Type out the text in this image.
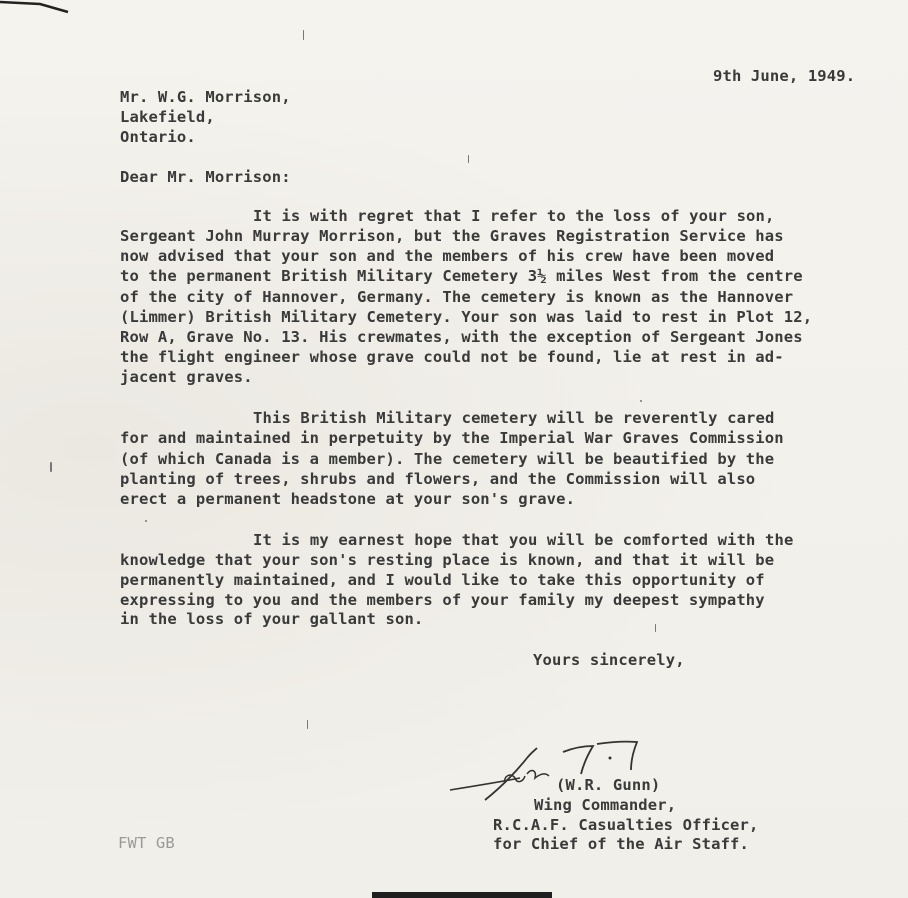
9th June, 1949.
Mr. W.G. Morrison,
Lakefield,
Ontario.
Dear Mr. Morrison:
It is with regret that I refer to the loss of your son,
Sergeant John Murray Morrison, but the Graves Registration Service has
now advised that your son and the members of his crew have been moved
to the permanent British Military Cemetery 3½ miles West from the centre
of the city of Hannover, Germany. The cemetery is known as the Hannover
(Limmer) British Military Cemetery. Your son was laid to rest in Plot 12,
Row A, Grave No. 13. His crewmates, with the exception of Sergeant Jones
the flight engineer whose grave could not be found, lie at rest in ad-
jacent graves.
This British Military cemetery will be reverently cared
for and maintained in perpetuity by the Imperial War Graves Commission
(of which Canada is a member). The cemetery will be beautified by the
planting of trees, shrubs and flowers, and the Commission will also
erect a permanent headstone at your son's grave.
It is my earnest hope that you will be comforted with the
knowledge that your son's resting place is known, and that it will be
permanently maintained, and I would like to take this opportunity of
expressing to you and the members of your family my deepest sympathy
in the loss of your gallant son.
Yours sincerely,
(W.R. Gunn)
Wing Commander,
R.C.A.F. Casualties Officer,
for Chief of the Air Staff.
FWT GB
